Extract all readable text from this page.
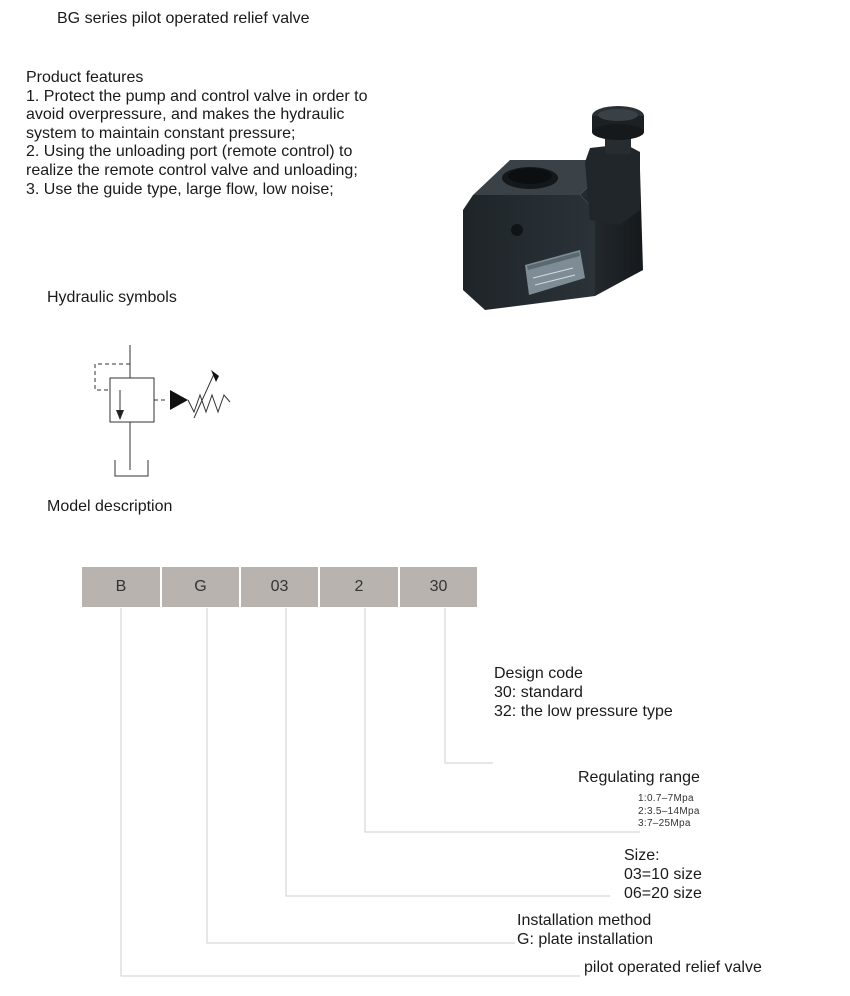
BG series pilot operated relief valve
Product features
1. Protect the pump and control valve in order to
avoid overpressure, and makes the hydraulic
system to maintain constant pressure;
2. Using the unloading port (remote control) to
realize the remote control valve and unloading;
3. Use the guide type, large flow, low noise;
Hydraulic symbols
Model description
B	G	03	2	30
Design code
30: standard
32: the low pressure type
Regulating range
1:0.7–7Mpa
2:3.5–14Mpa
3:7–25Mpa
Size:
03=10 size
06=20 size
Installation method
G: plate installation
pilot operated relief valve
